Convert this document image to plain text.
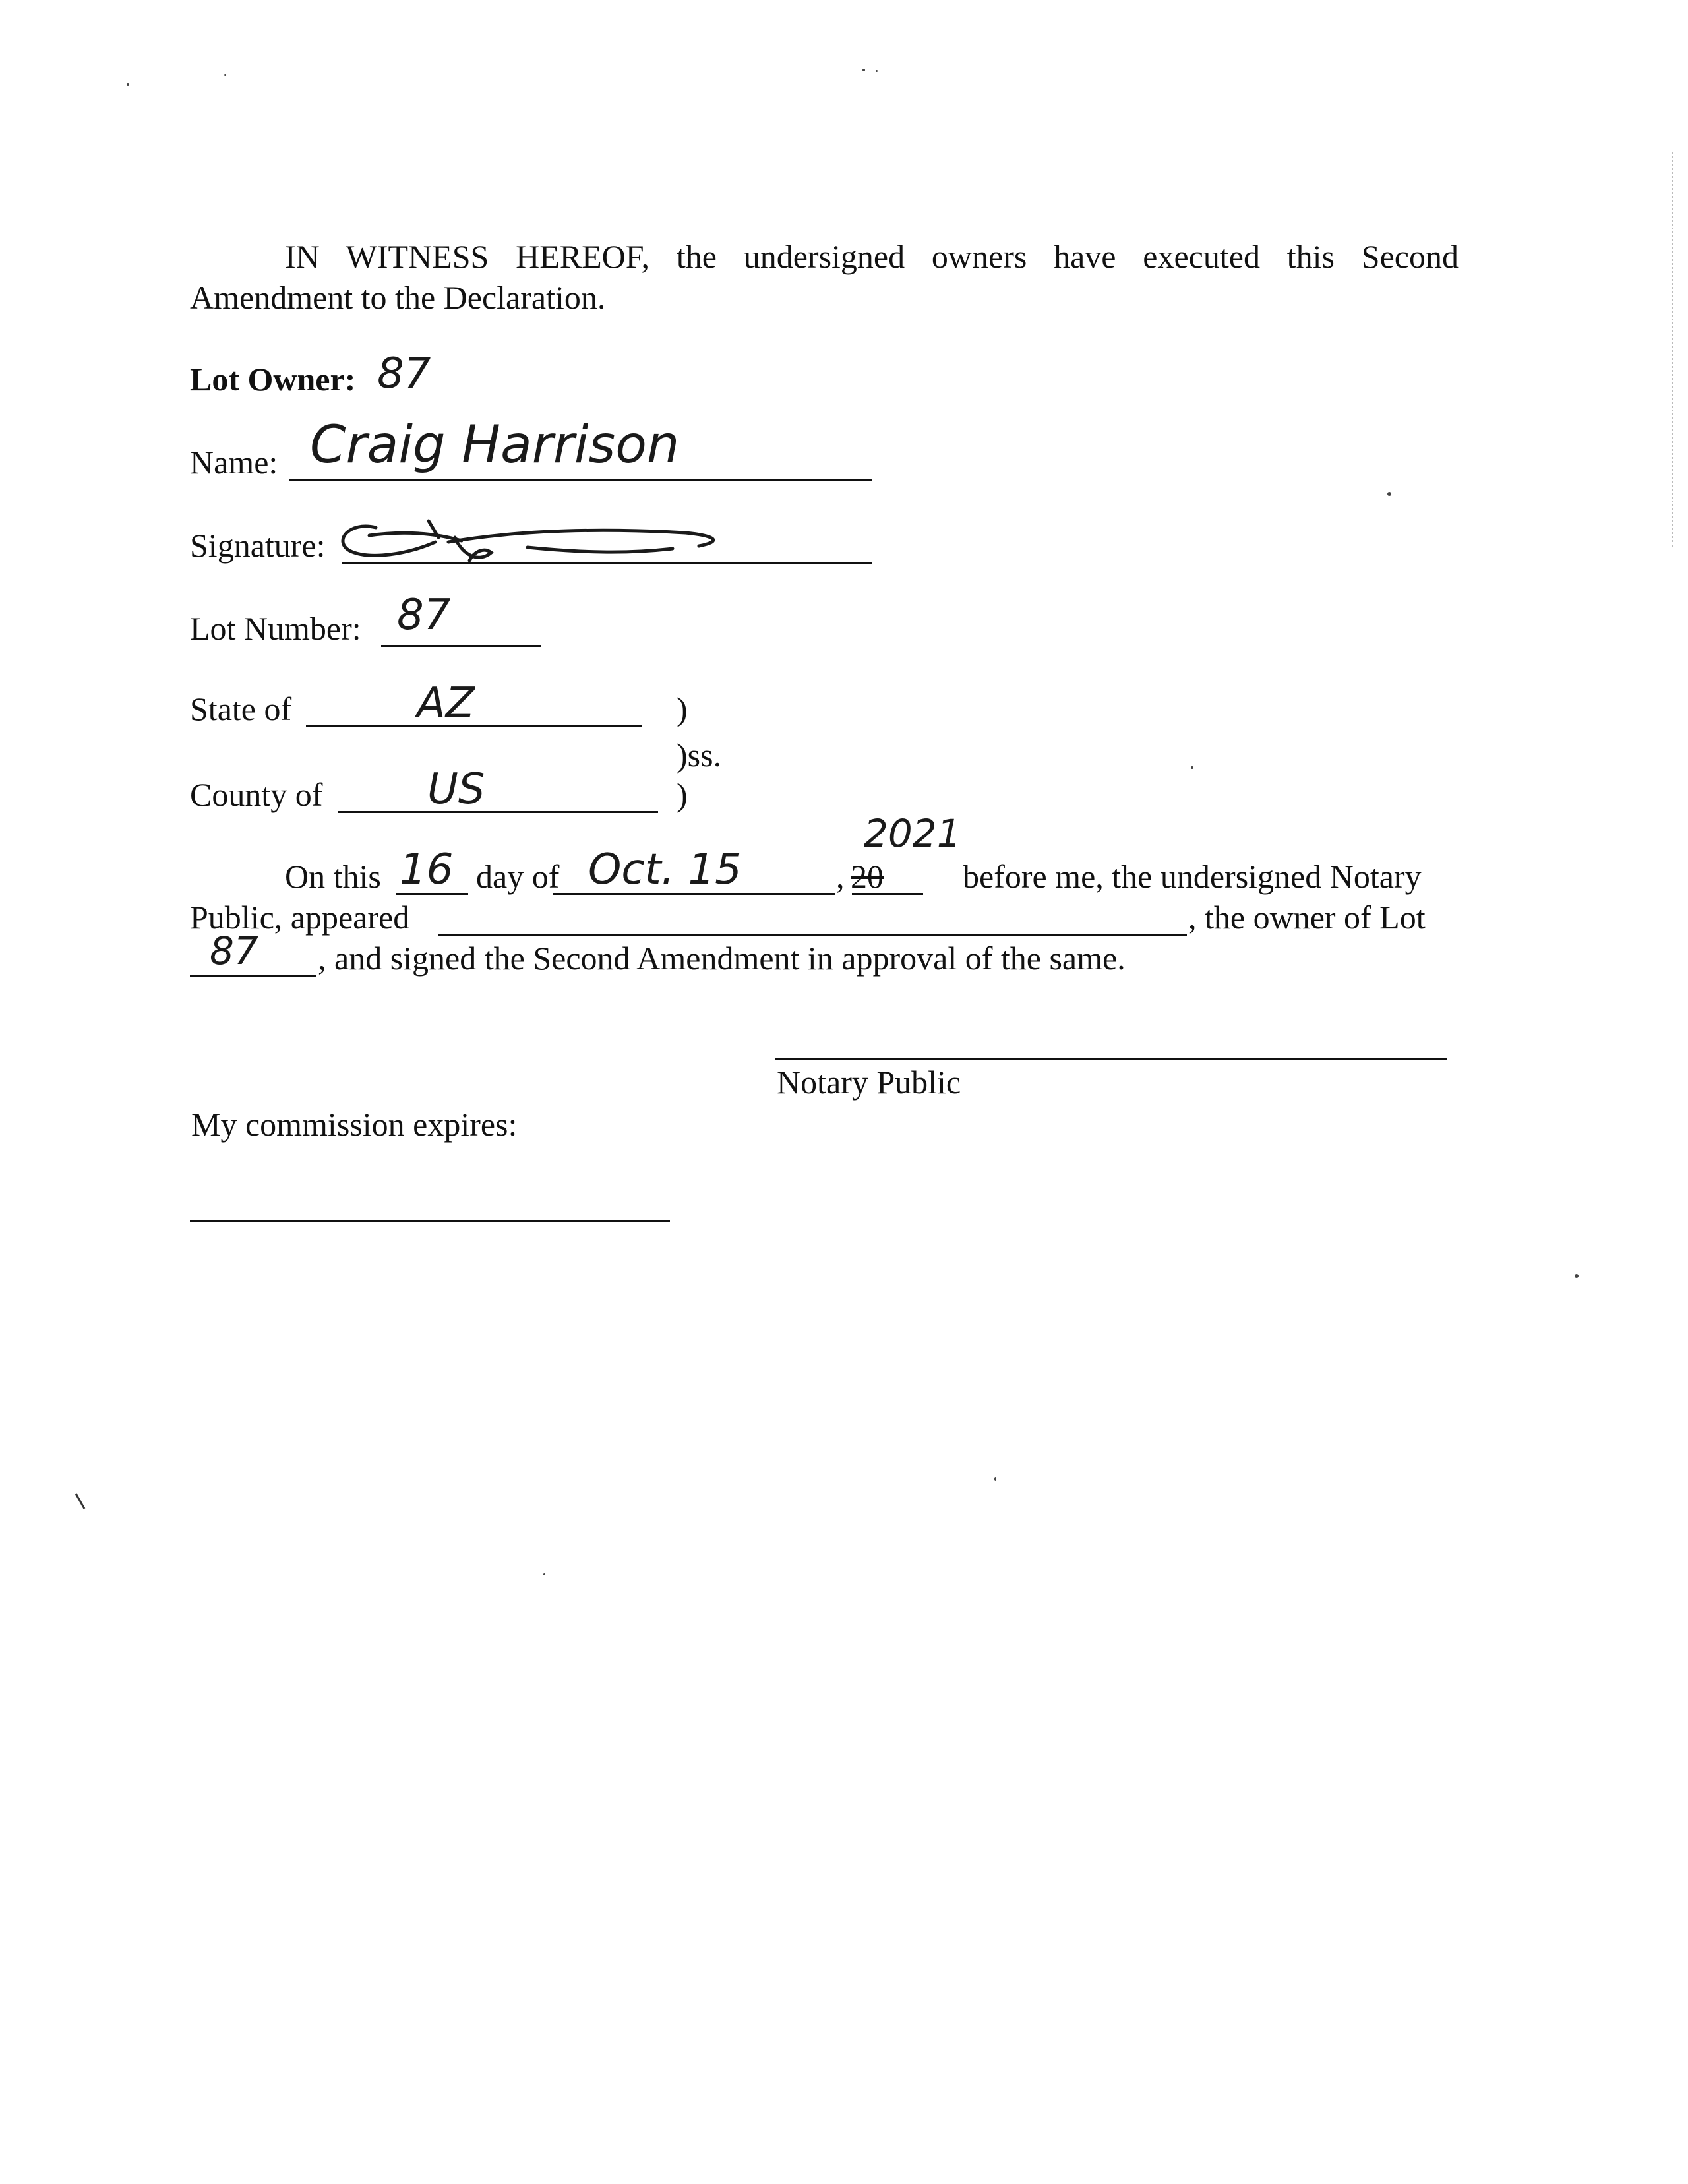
IN WITNESS HEREOF, the undersigned owners have executed this Second
Amendment to the Declaration.
Lot Owner: 87
Name: Craig Harrison
Signature:
Lot Number: 87
State of	AZ	)
)ss.
County of US	)
2021
On this 16 day of Oct. 15	, 20 before me, the undersigned Notary
Public, appeared	, the owner of Lot
87 , and signed the Second Amendment in approval of the same.
Notary Public
My commission expires:
